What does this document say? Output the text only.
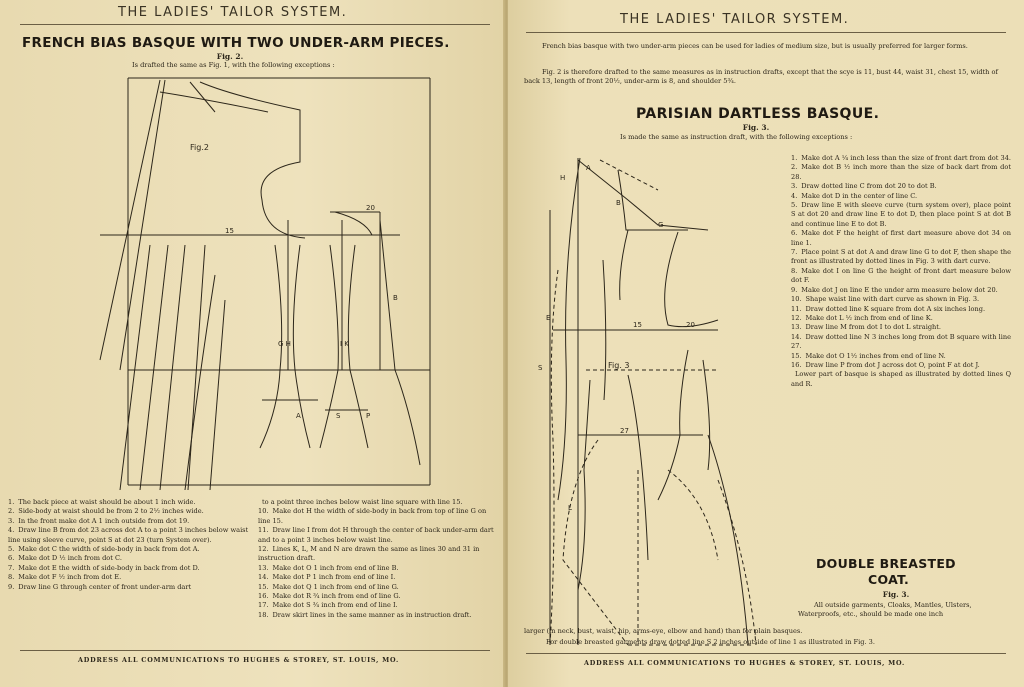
THE LADIES' TAILOR SYSTEM.
FRENCH BIAS BASQUE WITH TWO UNDER-ARM PIECES.
Fig. 2.
Is drafted the same as Fig. 1, with the following exceptions :
Fig.2
15
20
B
G H	I K
A	P
S

1. The back piece at waist should be about 1 inch wide.

2. Side-body at waist should be from 2 to 2½ inches wide.

3. In the front make dot A 1 inch outside from dot 19.

4. Draw line B from dot 23 across dot A to a point 3 inches below waist line using sleeve curve, point S at dot 23 (turn System over).

5. Make dot C the width of side-body in back from dot A.

6. Make dot D ½ inch from dot C.

7. Make dot E the width of side-body in back from dot D.

8. Make dot F ½ inch from dot E.

9. Draw line G through center of front under-arm dart

to a point three inches below waist line square with line 15.

10. Make dot H the width of side-body in back from top of line G on line 15.

11. Draw line I from dot H through the center of back under-arm dart and to a point 3 inches below waist line.

12. Lines K, L, M and N are drawn the same as lines 30 and 31 in instruction draft.

13. Make dot O 1 inch from end of line B.

14. Make dot P 1 inch from end of line I.

15. Make dot Q 1 inch from end of line G.

16. Make dot R ¾ inch from end of line G.

17. Make dot S ¾ inch from end of line I.

18. Draw skirt lines in the same manner as in instruction draft.

ADDRESS ALL COMMUNICATIONS TO HUGHES & STOREY, ST. LOUIS, MO.
THE LADIES' TAILOR SYSTEM.
French bias basque with two under-arm pieces can be used for ladies of medium size, but is usually preferred for larger forms.
Fig. 2 is therefore drafted to the same measures as in instruction drafts, except that the scye is 11, bust 44, waist 31, chest 15, width of back 13, length of front 20½, under-arm is 8, and shoulder 5¾.
PARISIAN DARTLESS BASQUE.
Fig. 3.
Is made the same as instruction draft, with the following exceptions :
Fig. 3
15	20
27
H
A
B
G
E
S
L

1. Make dot A ¼ inch less than the size of front dart from dot 34.

2. Make dot B ½ inch more than the size of back dart from dot 28.

3. Draw dotted line C from dot 20 to dot B.

4. Make dot D in the center of line C.

5. Draw line E with sleeve curve (turn system over), place point S at dot 20 and draw line E to dot D, then place point S at dot B and continue line E to dot B.

6. Make dot F the height of first dart measure above dot 34 on line 1.

7. Place point S at dot A and draw line G to dot F, then shape the front as illustrated by dotted lines in Fig. 3 with dart curve.

8. Make dot I on line G the height of front dart measure below dot F.

9. Make dot J on line E the under arm measure below dot 20.

10. Shape waist line with dart curve as shown in Fig. 3.

11. Draw dotted line K square from dot A six inches long.

12. Make dot L ½ inch from end of line K.

13. Draw line M from dot I to dot L straight.

14. Draw dotted line N 3 inches long from dot B square with line 27.

15. Make dot O 1½ inches from end of line N.

16. Draw line P from dot J across dot O, point F at dot J.

Lower part of basque is shaped as illustrated by dotted lines Q and R.

DOUBLE BREASTED
COAT.
Fig. 3.
All outside garments, Cloaks, Mantles, Ulsters, Waterproofs, etc., should be made one inch
larger (in neck, bust, waist, hip, arms-eye, elbow and hand) than for plain basques.
For double breasted garments draw dotted line S 2 inches outside of line 1 as illustrated in Fig. 3.
ADDRESS ALL COMMUNICATIONS TO HUGHES & STOREY, ST. LOUIS, MO.
